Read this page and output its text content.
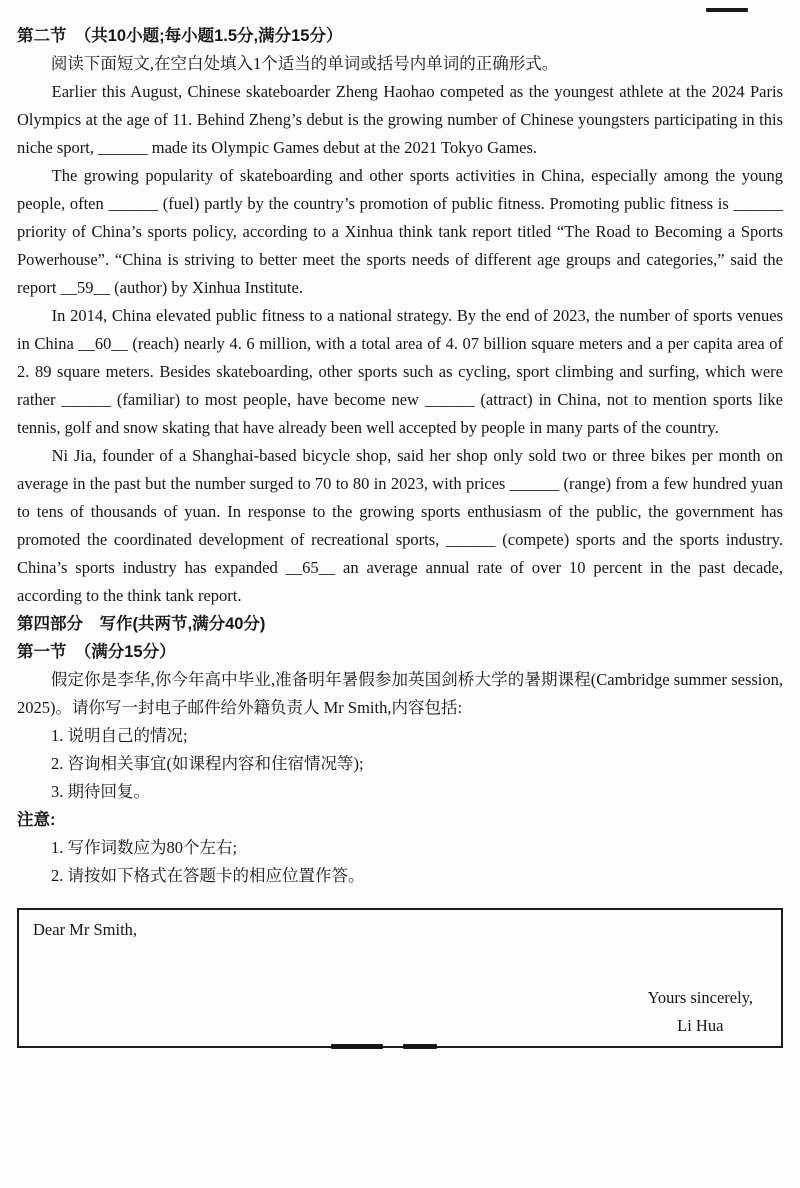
第二节　（共10小题;每小题1.5分,满分15分）

阅读下面短文,在空白处填入1个适当的单词或括号内单词的正确形式。

Earlier this August, Chinese skateboarder Zheng Haohao competed as the youngest athlete at the 2024 Paris Olympics at the age of 11. Behind Zheng’s debut is the growing number of Chinese youngsters participating in this niche sport, ______ made its Olympic Games debut at the 2021 Tokyo Games.

The growing popularity of skateboarding and other sports activities in China, especially among the young people, often ______ (fuel) partly by the country’s promotion of public fitness. Promoting public fitness is ______ priority of China’s sports policy, according to a Xinhua think tank report titled “The Road to Becoming a Sports Powerhouse”. “China is striving to better meet the sports needs of different age groups and categories,” said the report __59__ (author) by Xinhua Institute.

In 2014, China elevated public fitness to a national strategy. By the end of 2023, the number of sports venues in China __60__ (reach) nearly 4. 6 million, with a total area of 4. 07 billion square meters and a per capita area of 2. 89 square meters. Besides skateboarding, other sports such as cycling, sport climbing and surfing, which were rather ______ (familiar) to most people, have become new ______ (attract) in China, not to mention sports like tennis, golf and snow skating that have already been well accepted by people in many parts of the country.

Ni Jia, founder of a Shanghai-based bicycle shop, said her shop only sold two or three bikes per month on average in the past but the number surged to 70 to 80 in 2023, with prices ______ (range) from a few hundred yuan to tens of thousands of yuan. In response to the growing sports enthusiasm of the public, the government has promoted the coordinated development of recreational sports, ______ (compete) sports and the sports industry. China’s sports industry has expanded __65__ an average annual rate of over 10 percent in the past decade, according to the think tank report.

第四部分　写作(共两节,满分40分)
第一节　（满分15分）

假定你是李华,你今年高中毕业,准备明年暑假参加英国剑桥大学的暑期课程(Cambridge summer session, 2025)。请你写一封电子邮件给外籍负责人 Mr Smith,内容包括:

1. 说明自己的情况;

2. 咨询相关事宜(如课程内容和住宿情况等);

3. 期待回复。

注意:

1. 写作词数应为80个左右;

2. 请按如下格式在答题卡的相应位置作答。

Dear Mr Smith,
Yours sincerely,
Li Hua
